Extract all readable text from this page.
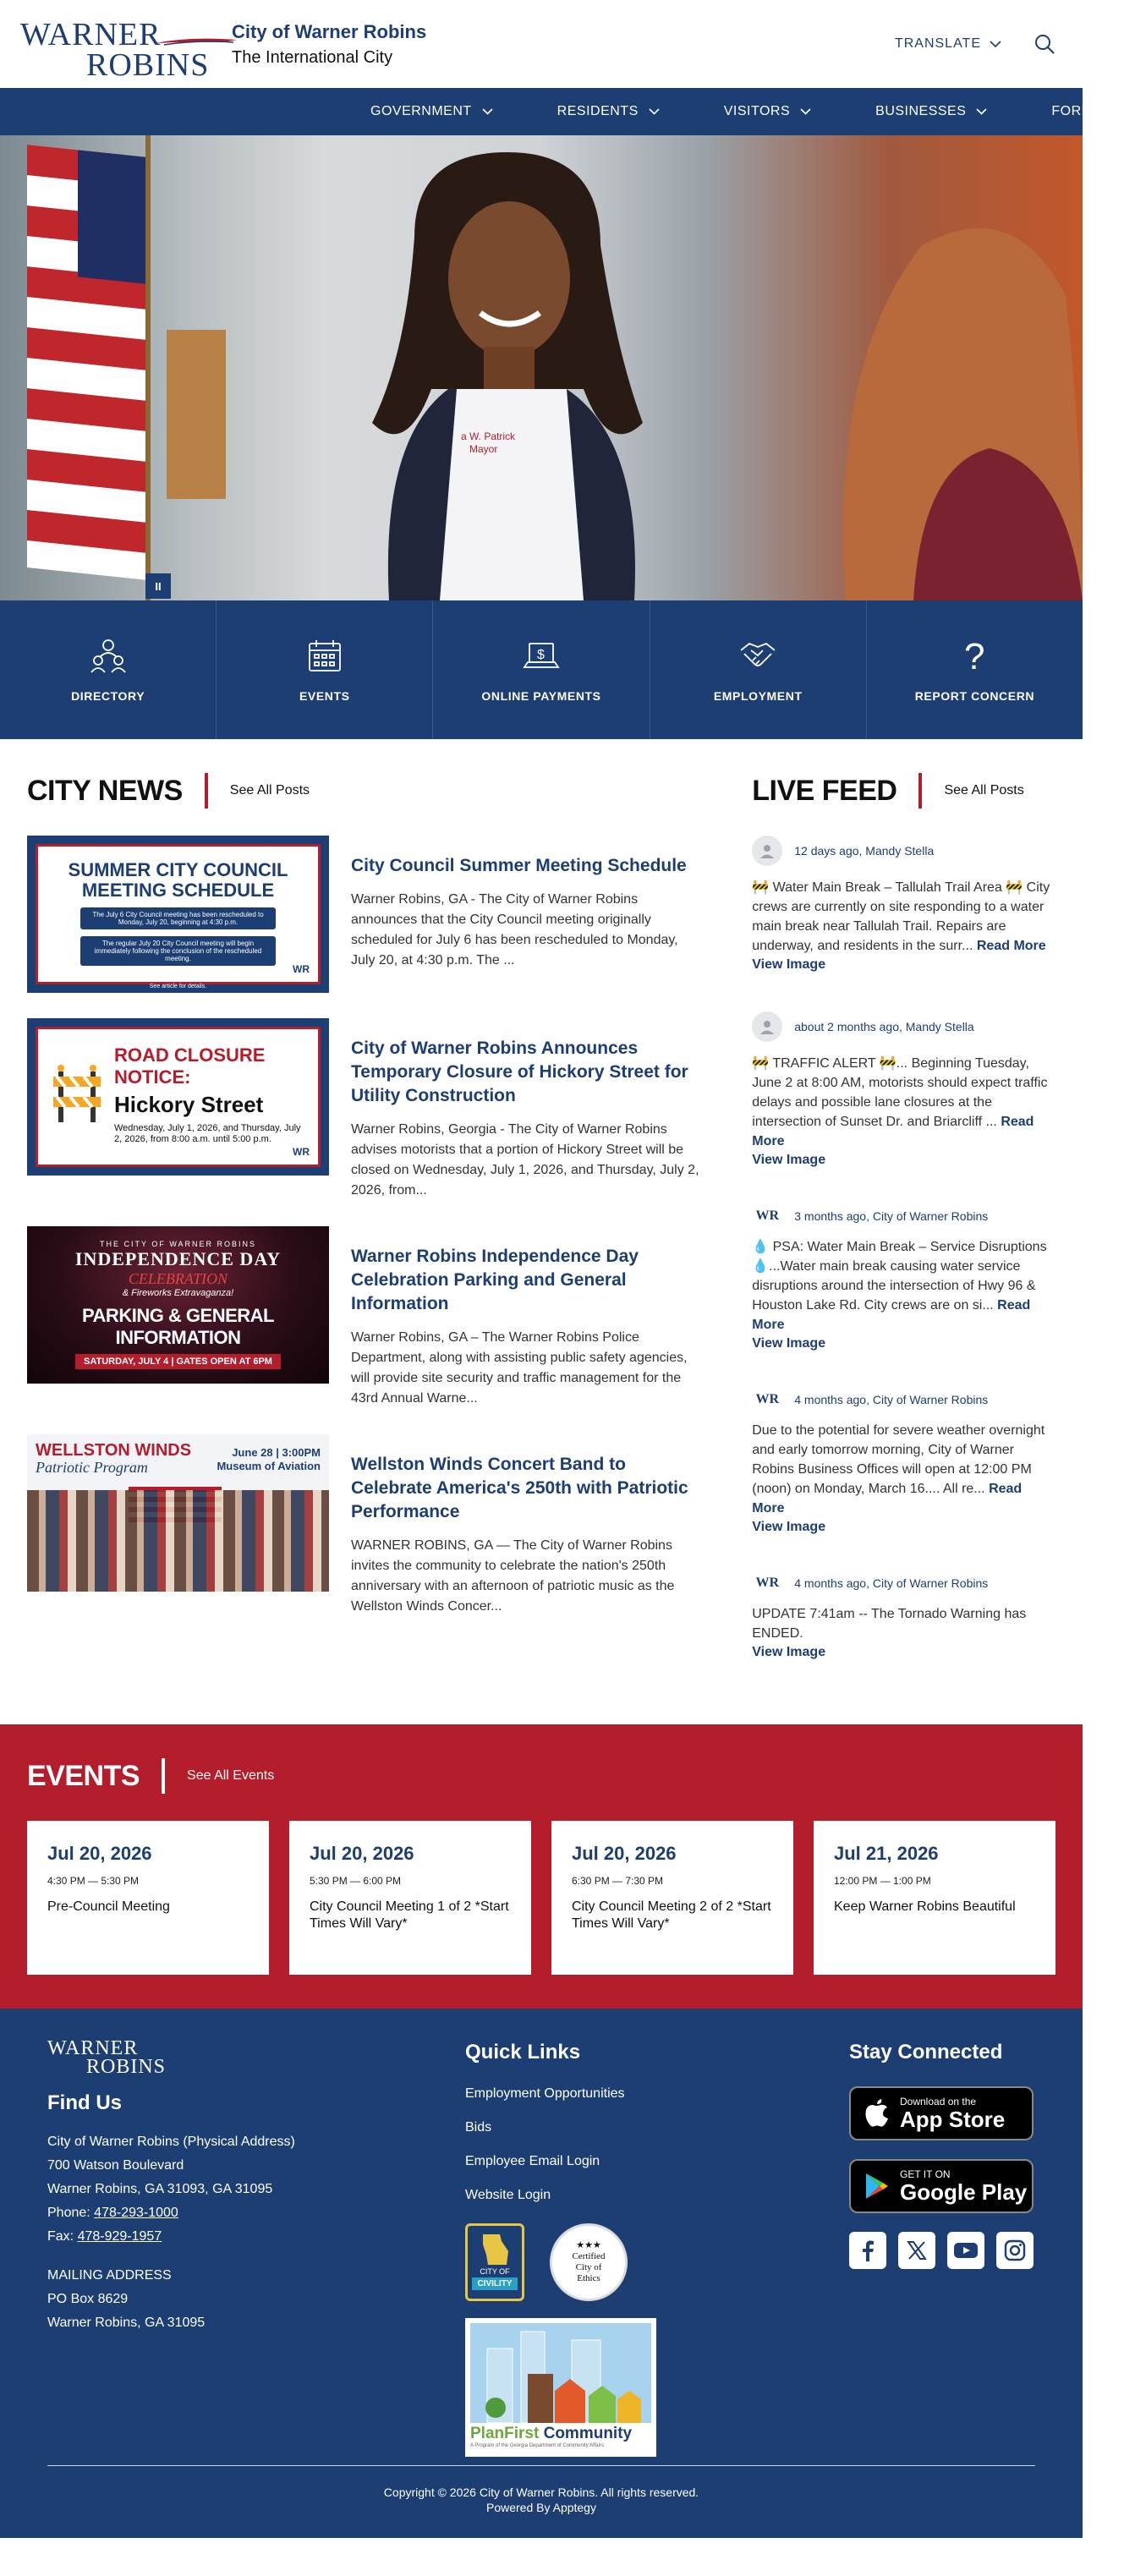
WARNER
ROBINS
City of Warner Robins
The International City
TRANSLATE
GOVERNMENT	RESIDENTS	VISITORS	BUSINESSES	FORMS
a W. Patrick
Mayor
II
DIRECTORY	EVENTS
$
ONLINE PAYMENTS	EMPLOYMENT
?
REPORT CONCERN
CITY NEWS	See All Posts
SUMMER CITY COUNCIL MEETING SCHEDULE
The July 6 City Council meeting has been rescheduled to Monday, July 20, beginning at 4:30 p.m.
The regular July 20 City Council meeting will begin immediately following the conclusion of the rescheduled meeting.
WR
See article for details.
City Council Summer Meeting Schedule

Warner Robins, GA - The City of Warner Robins announces that the City Council meeting originally scheduled for July 6 has been rescheduled to Monday, July 20, at 4:30 p.m. The ...

ROAD CLOSURE NOTICE:
Hickory Street
Wednesday, July 1, 2026, and Thursday, July 2, 2026, from 8:00 a.m. until 5:00 p.m.
WR
City of Warner Robins Announces Temporary Closure of Hickory Street for Utility Construction

Warner Robins, Georgia - The City of Warner Robins advises motorists that a portion of Hickory Street will be closed on Wednesday, July 1, 2026, and Thursday, July 2, 2026, from...

THE CITY OF WARNER ROBINS
INDEPENDENCE DAY
CELEBRATION
& Fireworks Extravaganza!
PARKING & GENERAL INFORMATION
SATURDAY, JULY 4 | GATES OPEN AT 6PM
Warner Robins Independence Day Celebration Parking and General Information

Warner Robins, GA – The Warner Robins Police Department, along with assisting public safety agencies, will provide site security and traffic management for the 43rd Annual Warne...

WELLSTON WINDS
Patriotic Program
June 28 | 3:00PM
Museum of Aviation Wellston Winds Concert Band to Celebrate America's 250th with Patriotic Performance

WARNER ROBINS, GA — The City of Warner Robins invites the community to celebrate the nation's 250th anniversary with an afternoon of patriotic music as the Wellston Winds Concer...

LIVE FEED	See All Posts
12 days ago, Mandy Stella
🚧 Water Main Break – Tallulah Trail Area 🚧 City crews are currently on site responding to a water main break near Tallulah Trail. Repairs are underway, and residents in the surr... Read More
View Image
about 2 months ago, Mandy Stella
🚧 TRAFFIC ALERT 🚧... Beginning Tuesday, June 2 at 8:00 AM, motorists should expect traffic delays and possible lane closures at the intersection of Sunset Dr. and Briarcliff ... Read More
View Image
WR	3 months ago, City of Warner Robins
💧 PSA: Water Main Break – Service Disruptions 💧...Water main break causing water service disruptions around the intersection of Hwy 96 & Houston Lake Rd. City crews are on si... Read More
View Image
WR	4 months ago, City of Warner Robins
Due to the potential for severe weather overnight and early tomorrow morning, City of Warner Robins Business Offices will open at 12:00 PM (noon) on Monday, March 16.... All re... Read More
View Image
WR	4 months ago, City of Warner Robins
UPDATE 7:41am -- The Tornado Warning has ENDED.
View Image
EVENTS	See All Events
Jul 20, 2026
4:30 PM — 5:30 PM
Pre-Council Meeting
Jul 20, 2026
5:30 PM — 6:00 PM
City Council Meeting 1 of 2 *Start Times Will Vary*
Jul 20, 2026
6:30 PM — 7:30 PM
City Council Meeting 2 of 2 *Start Times Will Vary*
Jul 21, 2026
12:00 PM — 1:00 PM
Keep Warner Robins Beautiful
WARNER
ROBINS
Find Us

City of Warner Robins (Physical Address)

700 Watson Boulevard

Warner Robins, GA 31093, GA 31095

Phone: 478-293-1000

Fax: 478-929-1957

MAILING ADDRESS

PO Box 8629

Warner Robins, GA 31095

Quick Links
Employment Opportunities
Bids
Employee Email Login
Website Login
CITY OF
CIVILITY
★★★
Certified
City of
Ethics
PlanFirst Community
A Program of the Georgia Department of Community Affairs
Stay Connected
Download on the
App Store
GET IT ON
Google Play
Copyright © 2026 City of Warner Robins. All rights reserved.
Powered By Apptegy
